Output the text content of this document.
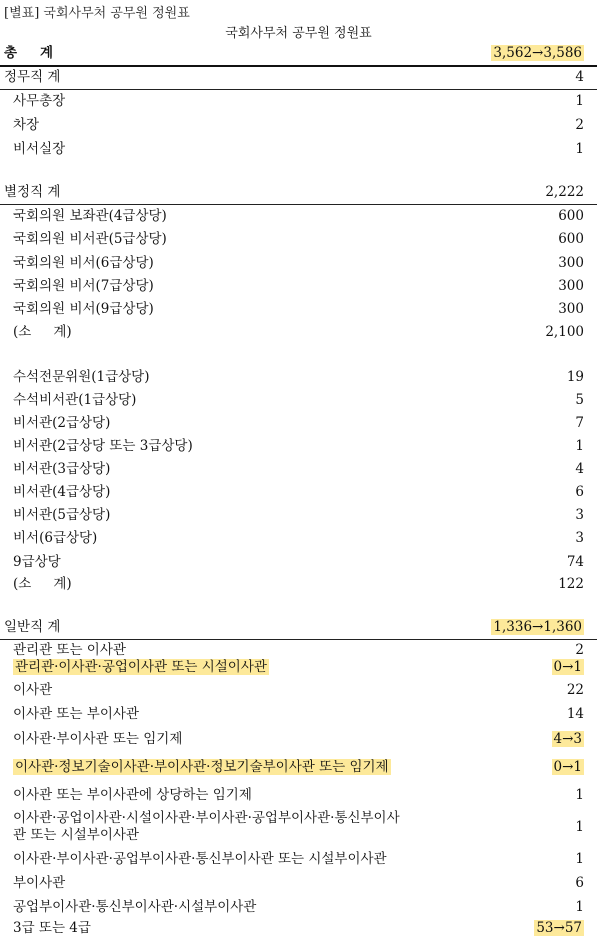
[별표] 국회사무처 공무원 정원표
국회사무처 공무원 정원표
총 　 계	3,562→3,586
정무직 계	4
사무총장	1
차장	2
비서실장	1
별정직 계	2,222
국회의원 보좌관(4급상당)	600
국회의원 비서관(5급상당)	600
국회의원 비서(6급상당)	300
국회의원 비서(7급상당)	300
국회의원 비서(9급상당)	300
(소 　 계)	2,100
수석전문위원(1급상당)	19
수석비서관(1급상당)	5
비서관(2급상당)	7
비서관(2급상당 또는 3급상당)	1
비서관(3급상당)	4
비서관(4급상당)	6
비서관(5급상당)	3
비서(6급상당)	3
9급상당	74
(소 　 계)	122
일반직 계	1,336→1,360
관리관 또는 이사관	2
관리관·이사관·공업이사관 또는 시설이사관	0→1
이사관	22
이사관 또는 부이사관	14
이사관·부이사관 또는 임기제	4→3
이사관·정보기술이사관·부이사관·정보기술부이사관 또는 임기제	0→1
이사관 또는 부이사관에 상당하는 임기제	1
이사관·공업이사관·시설이사관·부이사관·공업부이사관·통신부이사
관 또는 시설부이사관	1
이사관·부이사관·공업부이사관·통신부이사관 또는 시설부이사관	1
부이사관	6
공업부이사관·통신부이사관·시설부이사관	1
3급 또는 4급	53→57
